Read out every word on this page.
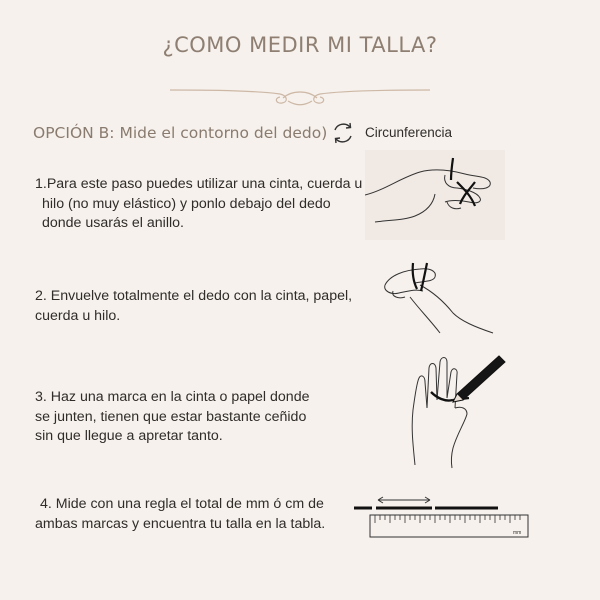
¿COMO MEDIR MI TALLA?
OPCIÓN B: Mide el contorno del dedo)	Circunferencia
1.Para este paso puedes utilizar una cinta, cuerda u
hilo (no muy elástico) y ponlo debajo del dedo
donde usarás el anillo.
2. Envuelve totalmente el dedo con la cinta, papel,
cuerda u hilo.
3. Haz una marca en la cinta o papel donde
se junten, tienen que estar bastante ceñido
sin que llegue a apretar tanto.
4. Mide con una regla el total de mm ó cm de
ambas marcas y encuentra tu talla en la tabla.
mm
